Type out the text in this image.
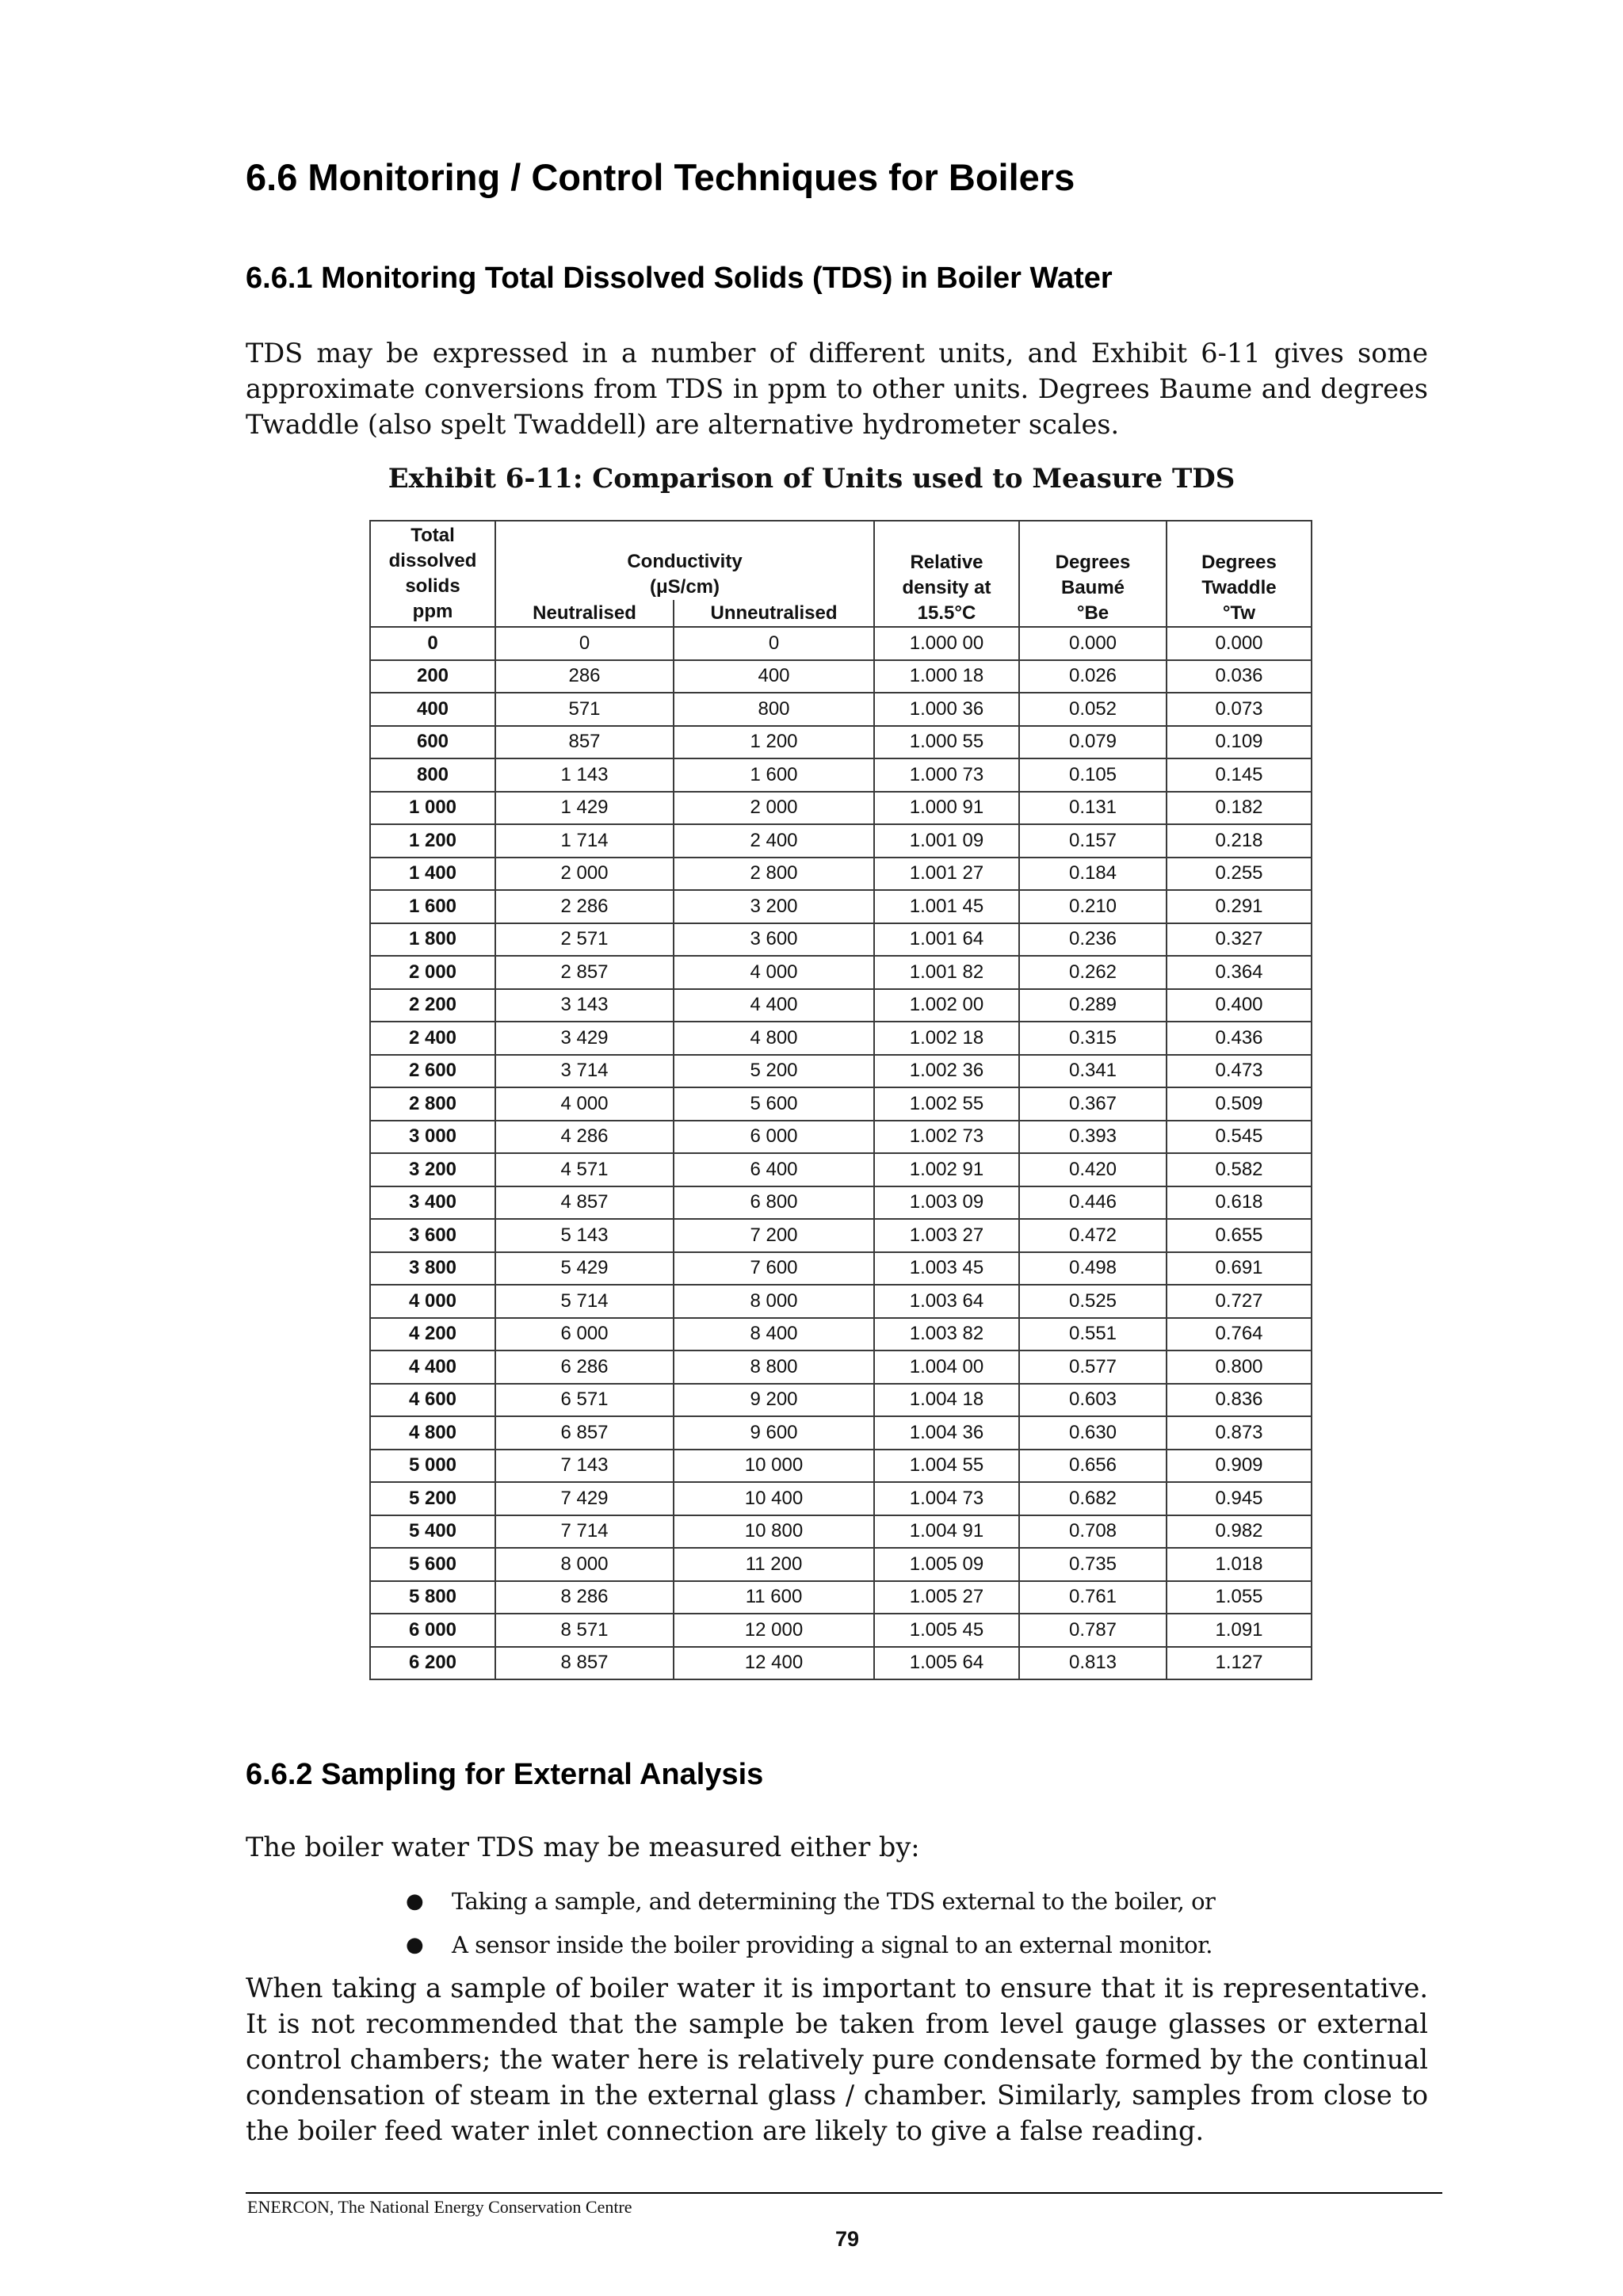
6.6 Monitoring / Control Techniques for Boilers
6.6.1 Monitoring Total Dissolved Solids (TDS) in Boiler Water

TDS may be expressed in a number of different units, and Exhibit 6-11 gives some approximate conversions from TDS in ppm to other units. Degrees Baume and degrees Twaddle (also spelt Twaddell) are alternative hydrometer scales.

Exhibit 6-11: Comparison of Units used to Measure TDS
Total dissolved solids ppm	Conductivity (μS/cm)		Relative density at 15.5°C	Degrees Baumé °Be	Degrees Twaddle °Tw
	Neutralised	Unneutralised			
0	0	0	1.000 00	0.000	0.000
200	286	400	1.000 18	0.026	0.036
400	571	800	1.000 36	0.052	0.073
600	857	1 200	1.000 55	0.079	0.109
800	1 143	1 600	1.000 73	0.105	0.145
1 000	1 429	2 000	1.000 91	0.131	0.182
1 200	1 714	2 400	1.001 09	0.157	0.218
1 400	2 000	2 800	1.001 27	0.184	0.255
1 600	2 286	3 200	1.001 45	0.210	0.291
1 800	2 571	3 600	1.001 64	0.236	0.327
2 000	2 857	4 000	1.001 82	0.262	0.364
2 200	3 143	4 400	1.002 00	0.289	0.400
2 400	3 429	4 800	1.002 18	0.315	0.436
2 600	3 714	5 200	1.002 36	0.341	0.473
2 800	4 000	5 600	1.002 55	0.367	0.509
3 000	4 286	6 000	1.002 73	0.393	0.545
3 200	4 571	6 400	1.002 91	0.420	0.582
3 400	4 857	6 800	1.003 09	0.446	0.618
3 600	5 143	7 200	1.003 27	0.472	0.655
3 800	5 429	7 600	1.003 45	0.498	0.691
4 000	5 714	8 000	1.003 64	0.525	0.727
4 200	6 000	8 400	1.003 82	0.551	0.764
4 400	6 286	8 800	1.004 00	0.577	0.800
4 600	6 571	9 200	1.004 18	0.603	0.836
4 800	6 857	9 600	1.004 36	0.630	0.873
5 000	7 143	10 000	1.004 55	0.656	0.909
5 200	7 429	10 400	1.004 73	0.682	0.945
5 400	7 714	10 800	1.004 91	0.708	0.982
5 600	8 000	11 200	1.005 09	0.735	1.018
5 800	8 286	11 600	1.005 27	0.761	1.055
6 000	8 571	12 000	1.005 45	0.787	1.091
6 200	8 857	12 400	1.005 64	0.813	1.127
6.6.2 Sampling for External Analysis

The boiler water TDS may be measured either by:

● Taking a sample, and determining the TDS external to the boiler, or
● A sensor inside the boiler providing a signal to an external monitor.

When taking a sample of boiler water it is important to ensure that it is representative. It is not recommended that the sample be taken from level gauge glasses or external control chambers; the water here is relatively pure condensate formed by the continual condensation of steam in the external glass / chamber. Similarly, samples from close to the boiler feed water inlet connection are likely to give a false reading.

ENERCON, The National Energy Conservation Centre
79
